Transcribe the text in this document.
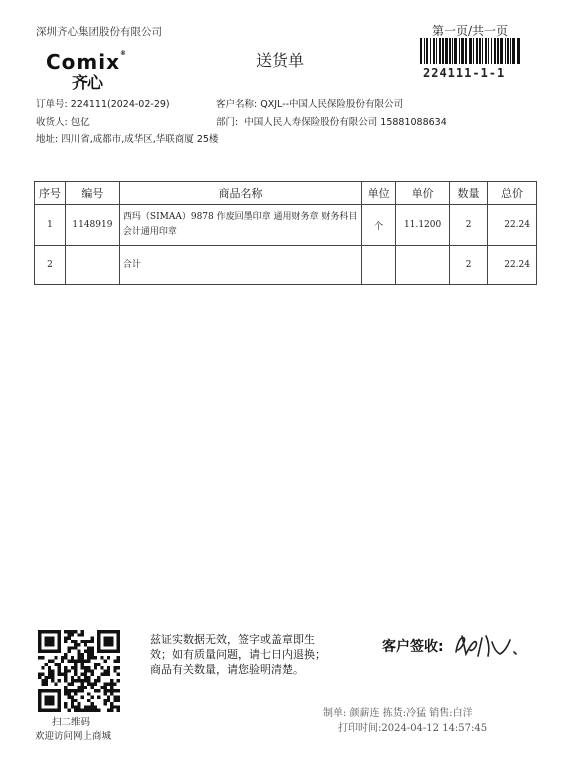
深圳齐心集团股份有限公司
Comix®
齐心
送货单
第一页/共一页
224111-1-1
订单号: 224111(2024-02-29)	客户名称: QXJL--中国人民保险股份有限公司
收货人: 包亿	部门: 中国人民人寿保险股份有限公司 15881088634
地址: 四川省,成都市,成华区,华联商厦 25楼
序号	编号	商品名称	单位	单价	数量	总价
1	1148919	西玛（SIMAA）9878 作废回墨印章 通用财务章 财务科目会计通用印章	个	11.1200	2	22.24
2		合计			2	22.24
扫二维码
欢迎访问网上商城
兹证实数据无效，签字或盖章即生
效；如有质量问题，请七日内退换；
商品有关数量，请您验明清楚。
客户签收:
制单: 颜薪连 拣货:冷猛 销售:白洋
打印时间:2024-04-12 14:57:45
